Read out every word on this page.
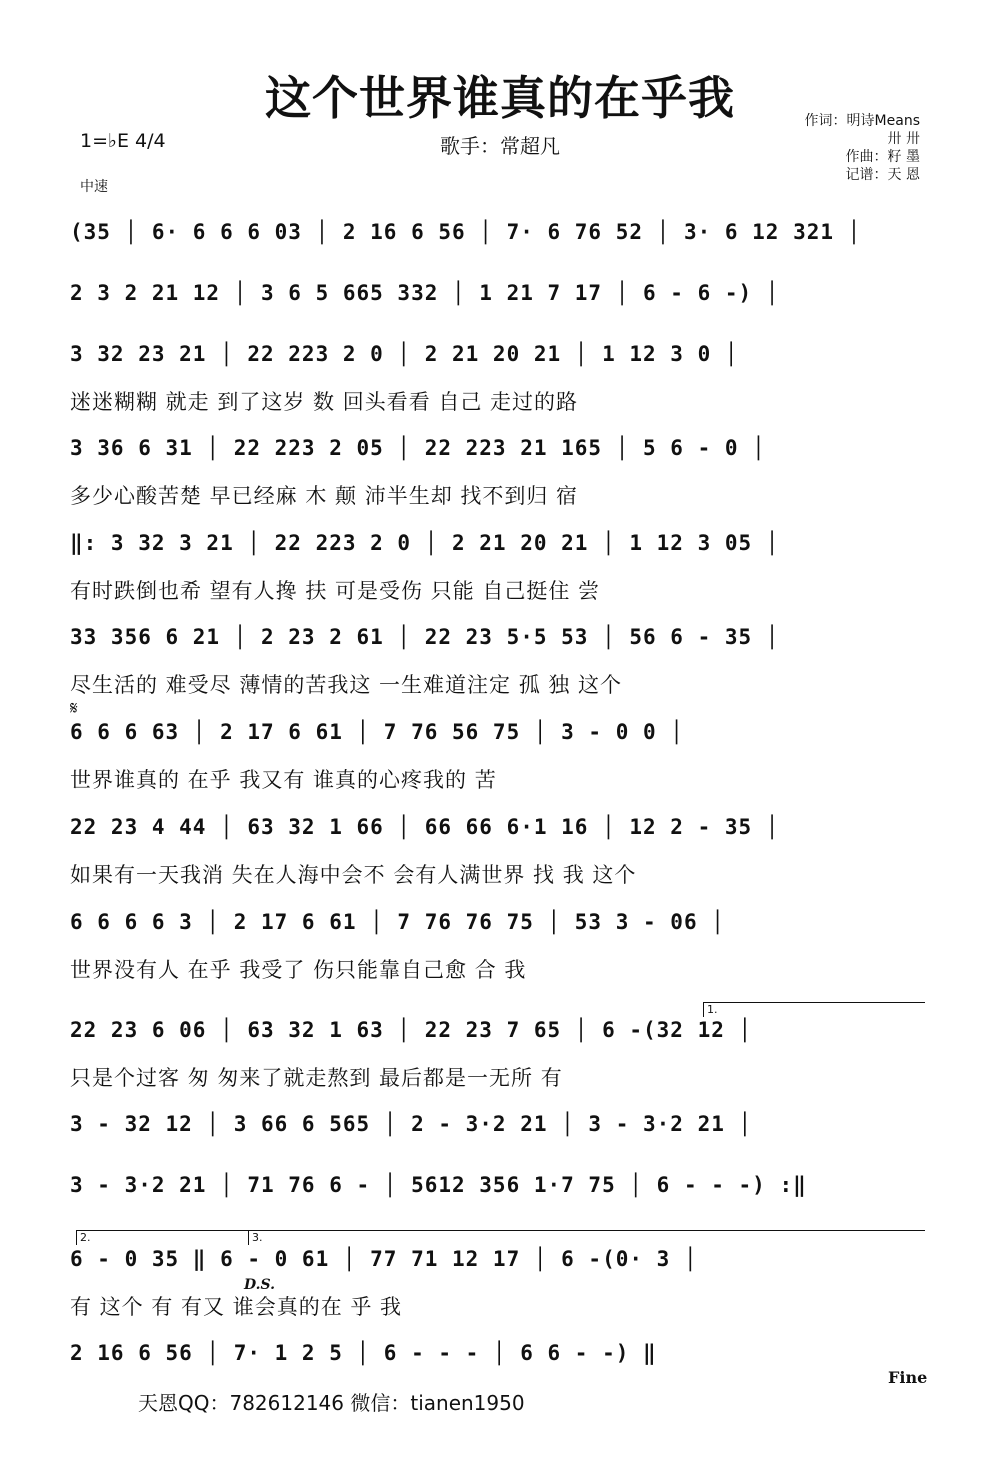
这个世界谁真的在乎我
歌手：常超凡
1=♭E 4/4
中速
作词：明诗Means
卅 卅
作曲：籽 墨
记谱：天 恩
(35 │ 6· 6 6 6 03 │ 2 16 6 56 │ 7· 6 76 52 │ 3· 6 12 321 │
2 3 2 21 12 │ 3 6 5 665 332 │ 1 21 7 17 │ 6 - 6 -) │
3 32 23 21 │ 22 223 2 0 │ 2 21 20 21 │ 1 12 3 0 │
迷迷糊糊 就走 到了这岁 数 回头看看 自己 走过的路
3 36 6 31 │ 22 223 2 05 │ 22 223 21 165 │ 5 6 - 0 │
多少心酸苦楚 早已经麻 木 颠 沛半生却 找不到归 宿
‖: 3 32 3 21 │ 22 223 2 0 │ 2 21 20 21 │ 1 12 3 05 │
有时跌倒也希 望有人搀 扶 可是受伤 只能 自己挺住 尝
33 356 6 21 │ 2 23 2 61 │ 22 23 5·5 53 │ 56 6 - 35 │
尽生活的 难受尽 薄情的苦我这 一生难道注定 孤 独 这个
6 6 6 63 │ 2 17 6 61 │ 7 76 56 75 │ 3 - 0 0 │
世界谁真的 在乎 我又有 谁真的心疼我的 苦
22 23 4 44 │ 63 32 1 66 │ 66 66 6·1 16 │ 12 2 - 35 │
如果有一天我消 失在人海中会不 会有人满世界 找 我 这个
6 6 6 6 3 │ 2 17 6 61 │ 7 76 76 75 │ 53 3 - 06 │
世界没有人 在乎 我受了 伤只能靠自己愈 合 我
22 23 6 06 │ 63 32 1 63 │ 22 23 7 65 │ 6 -(32 12 │
只是个过客 匆 匆来了就走熬到 最后都是一无所 有
3 - 32 12 │ 3 66 6 565 │ 2 - 3·2 21 │ 3 - 3·2 21 │
3 - 3·2 21 │ 71 76 6 - │ 5612 356 1·7 75 │ 6 - - -) :‖
6 - 0 35 ‖ 6 - 0 61 │ 77 71 12 17 │ 6 -(0· 3 │
有 这个 有 有又 谁会真的在 乎 我
2 16 6 56 │ 7· 1 2 5 │ 6 - - - │ 6 6 - -) ‖
𝄋
D.S.
Fine
1.
2.	3.
天恩QQ：782612146 微信：tianen1950
